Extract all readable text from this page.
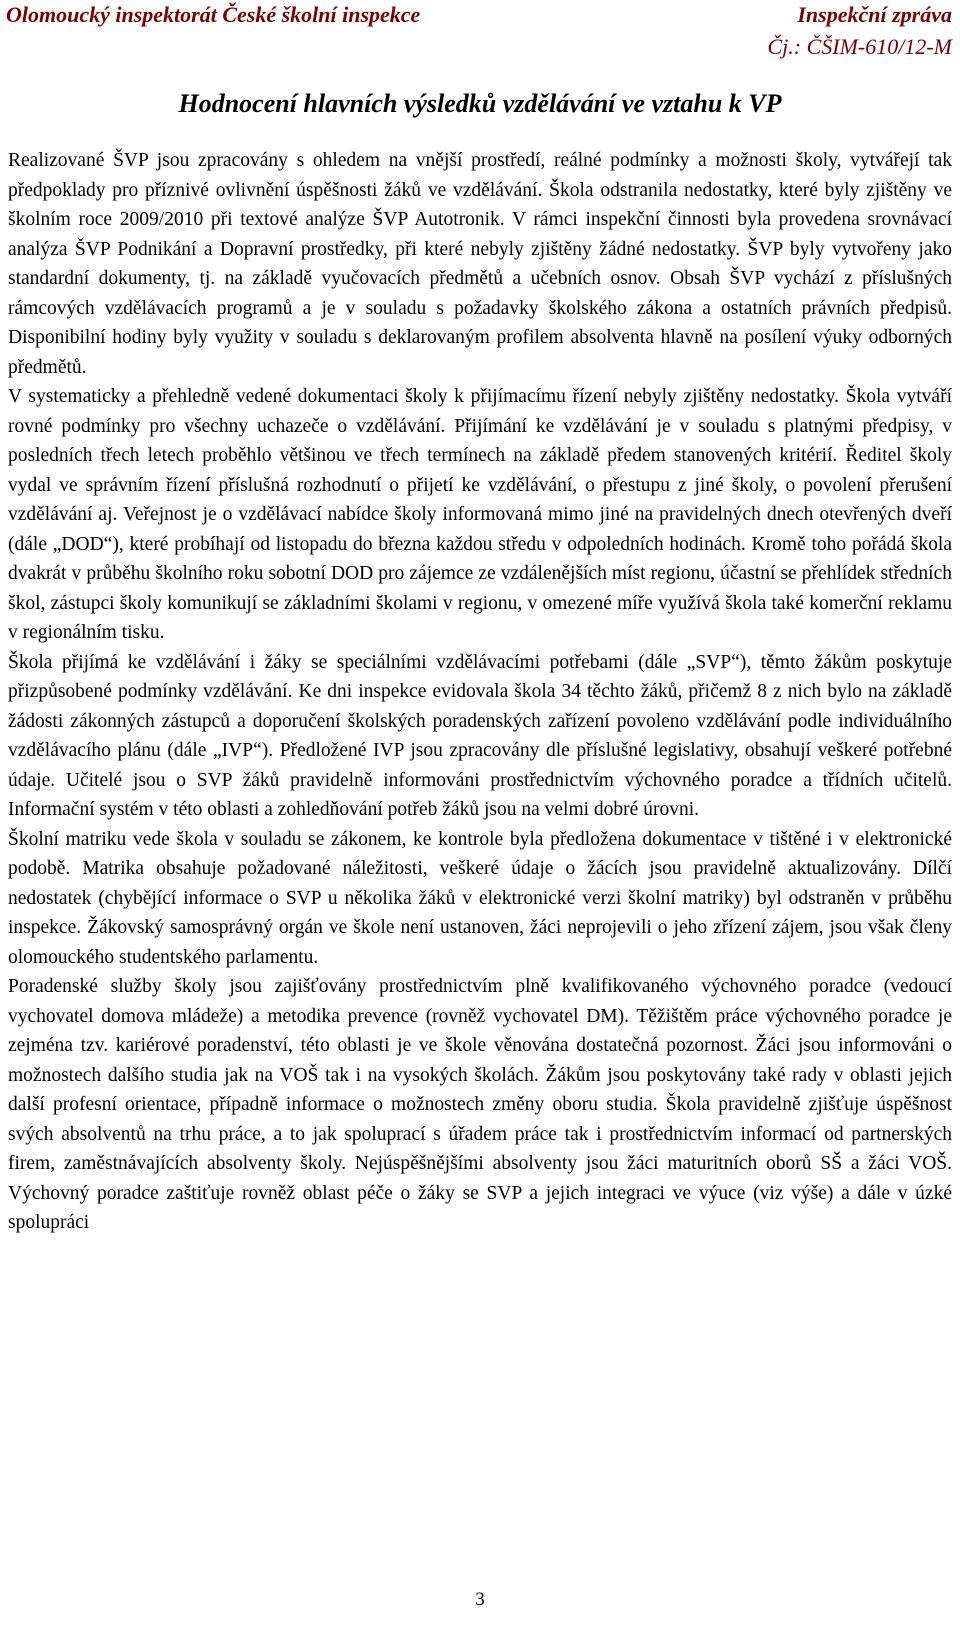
Olomoucký inspektorát České školní inspekce	Inspekční zpráva
Čj.: ČŠIM-610/12-M
Hodnocení hlavních výsledků vzdělávání ve vztahu k VP

Realizované ŠVP jsou zpracovány s ohledem na vnější prostředí, reálné podmínky a možnosti školy, vytvářejí tak předpoklady pro příznivé ovlivnění úspěšnosti žáků ve vzdělávání. Škola odstranila nedostatky, které byly zjištěny ve školním roce 2009/2010 při textové analýze ŠVP Autotronik. V rámci inspekční činnosti byla provedena srovnávací analýza ŠVP Podnikání a Dopravní prostředky, při které nebyly zjištěny žádné nedostatky. ŠVP byly vytvořeny jako standardní dokumenty, tj. na základě vyučovacích předmětů a učebních osnov. Obsah ŠVP vychází z příslušných rámcových vzdělávacích programů a je v souladu s požadavky školského zákona a ostatních právních předpisů. Disponibilní hodiny byly využity v souladu s deklarovaným profilem absolventa hlavně na posílení výuky odborných předmětů.

V systematicky a přehledně vedené dokumentaci školy k přijímacímu řízení nebyly zjištěny nedostatky. Škola vytváří rovné podmínky pro všechny uchazeče o vzdělávání. Přijímání ke vzdělávání je v souladu s platnými předpisy, v posledních třech letech proběhlo většinou ve třech termínech na základě předem stanovených kritérií. Ředitel školy vydal ve správním řízení příslušná rozhodnutí o přijetí ke vzdělávání, o přestupu z jiné školy, o povolení přerušení vzdělávání aj. Veřejnost je o vzdělávací nabídce školy informovaná mimo jiné na pravidelných dnech otevřených dveří (dále „DOD“), které probíhají od listopadu do března každou středu v odpoledních hodinách. Kromě toho pořádá škola dvakrát v průběhu školního roku sobotní DOD pro zájemce ze vzdálenějších míst regionu, účastní se přehlídek středních škol, zástupci školy komunikují se základními školami v regionu, v omezené míře využívá škola také komerční reklamu v regionálním tisku.

Škola přijímá ke vzdělávání i žáky se speciálními vzdělávacími potřebami (dále „SVP“), těmto žákům poskytuje přizpůsobené podmínky vzdělávání. Ke dni inspekce evidovala škola 34 těchto žáků, přičemž 8 z nich bylo na základě žádosti zákonných zástupců a doporučení školských poradenských zařízení povoleno vzdělávání podle individuálního vzdělávacího plánu (dále „IVP“). Předložené IVP jsou zpracovány dle příslušné legislativy, obsahují veškeré potřebné údaje. Učitelé jsou o SVP žáků pravidelně informováni prostřednictvím výchovného poradce a třídních učitelů. Informační systém v této oblasti a zohledňování potřeb žáků jsou na velmi dobré úrovni.

Školní matriku vede škola v souladu se zákonem, ke kontrole byla předložena dokumentace v tištěné i v elektronické podobě. Matrika obsahuje požadované náležitosti, veškeré údaje o žácích jsou pravidelně aktualizovány. Dílčí nedostatek (chybějící informace o SVP u několika žáků v elektronické verzi školní matriky) byl odstraněn v průběhu inspekce. Žákovský samosprávný orgán ve škole není ustanoven, žáci neprojevili o jeho zřízení zájem, jsou však členy olomouckého studentského parlamentu.

Poradenské služby školy jsou zajišťovány prostřednictvím plně kvalifikovaného výchovného poradce (vedoucí vychovatel domova mládeže) a metodika prevence (rovněž vychovatel DM). Těžištěm práce výchovného poradce je zejména tzv. kariérové poradenství, této oblasti je ve škole věnována dostatečná pozornost. Žáci jsou informováni o možnostech dalšího studia jak na VOŠ tak i na vysokých školách. Žákům jsou poskytovány také rady v oblasti jejich další profesní orientace, případně informace o možnostech změny oboru studia. Škola pravidelně zjišťuje úspěšnost svých absolventů na trhu práce, a to jak spoluprací s úřadem práce tak i prostřednictvím informací od partnerských firem, zaměstnávajících absolventy školy. Nejúspěšnějšími absolventy jsou žáci maturitních oborů SŠ a žáci VOŠ. Výchovný poradce zaštiťuje rovněž oblast péče o žáky se SVP a jejich integraci ve výuce (viz výše) a dále v úzké spolupráci

3
